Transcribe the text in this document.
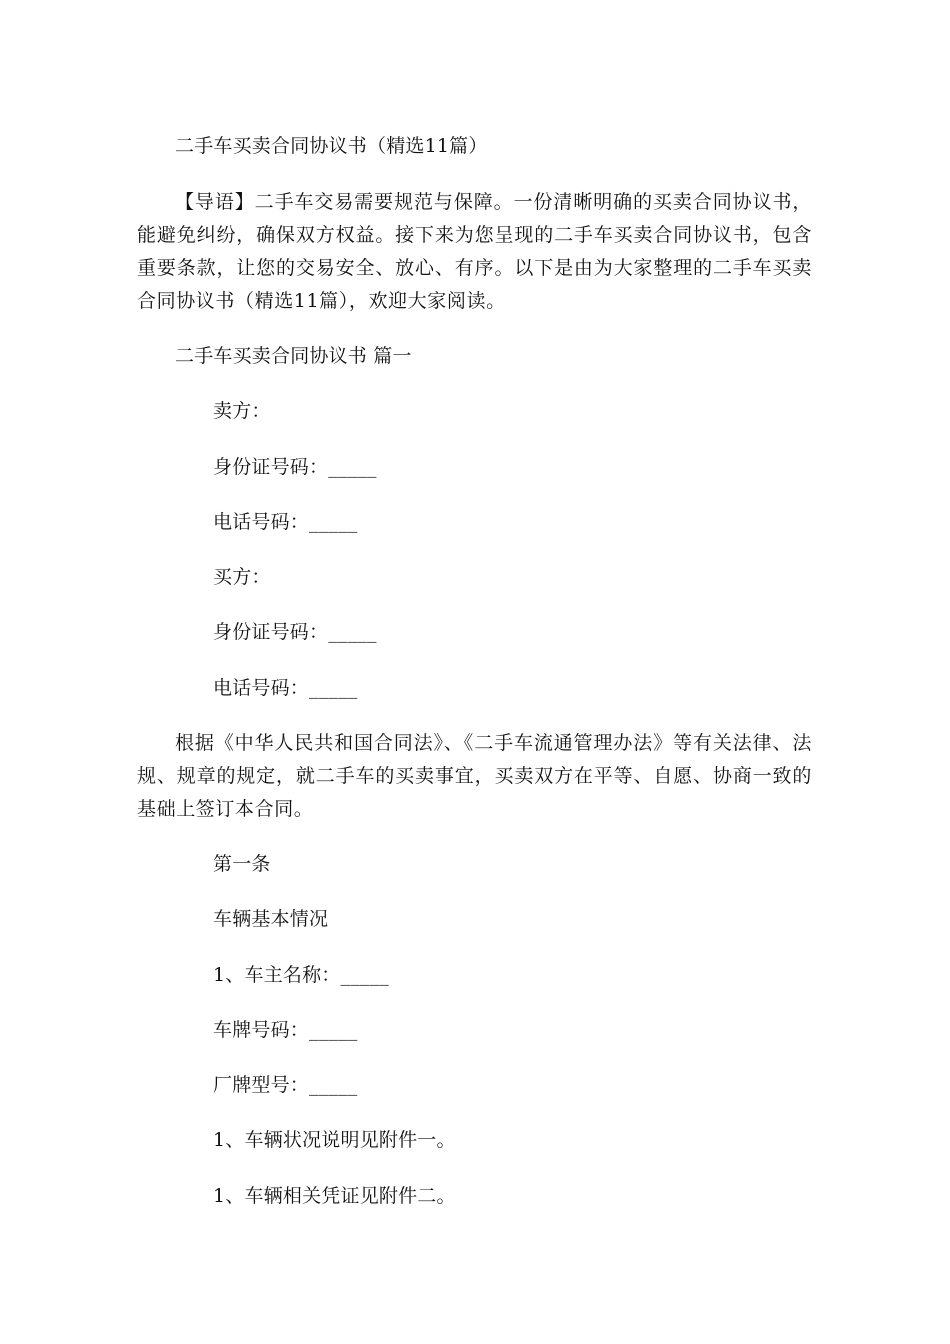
二手车买卖合同协议书（精选11篇）
【导语】二手车交易需要规范与保障。一份清晰明确的买卖合同协议书，能避免纠纷，确保双方权益。接下来为您呈现的二手车买卖合同协议书，包含重要条款，让您的交易安全、放心、有序。以下是由为大家整理的二手车买卖合同协议书（精选11篇），欢迎大家阅读。
二手车买卖合同协议书 篇一
卖方：
身份证号码：_____
电话号码：_____
买方：
身份证号码：_____
电话号码：_____
根据《中华人民共和国合同法》、《二手车流通管理办法》等有关法律、法规、规章的规定，就二手车的买卖事宜，买卖双方在平等、自愿、协商一致的基础上签订本合同。
第一条
车辆基本情况
1、车主名称：_____
车牌号码：_____
厂牌型号：_____
1、车辆状况说明见附件一。
1、车辆相关凭证见附件二。
